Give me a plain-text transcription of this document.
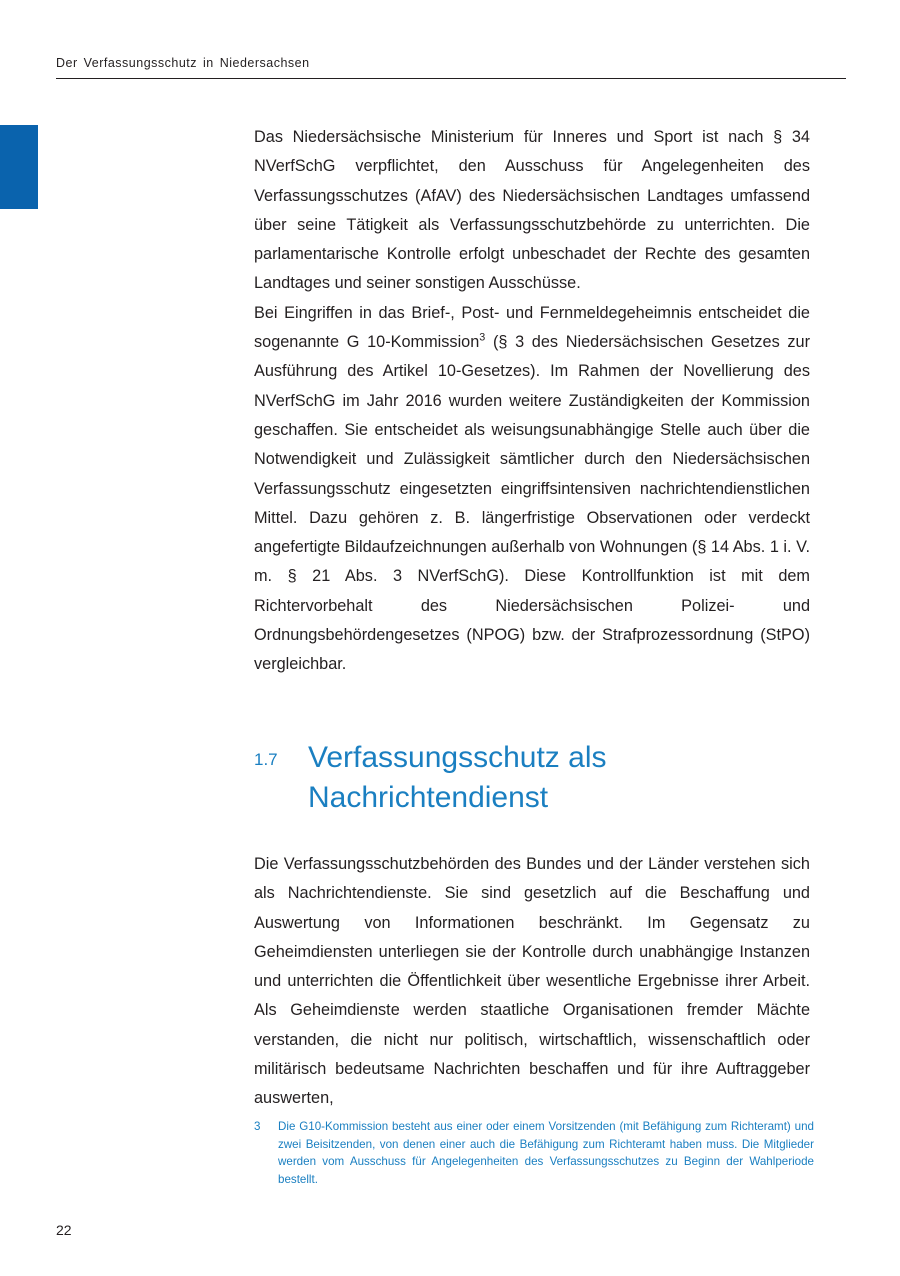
Der Verfassungsschutz in Niedersachsen

Das Niedersächsische Ministerium für Inneres und Sport ist nach § 34 NVerfSchG verpflichtet, den Ausschuss für Angelegenheiten des Verfassungsschutzes (AfAV) des Niedersächsischen Landtages umfassend über seine Tätigkeit als Verfassungsschutzbehörde zu unterrichten. Die parlamentarische Kontrolle erfolgt unbeschadet der Rechte des gesamten Landtages und seiner sonstigen Ausschüsse.

Bei Eingriffen in das Brief-, Post- und Fernmeldegeheimnis entscheidet die sogenannte G 10-Kommission$^3$ (§ 3 des Niedersächsischen Gesetzes zur Ausführung des Artikel 10-Gesetzes). Im Rahmen der Novellierung des NVerfSchG im Jahr 2016 wurden weitere Zuständigkeiten der Kommission geschaffen. Sie entscheidet als weisungsunabhängige Stelle auch über die Notwendigkeit und Zulässigkeit sämtlicher durch den Niedersächsischen Verfassungsschutz eingesetzten eingriffsintensiven nachrichtendienstlichen Mittel. Dazu gehören z. B. längerfristige Observationen oder verdeckt angefertigte Bildaufzeichnungen außerhalb von Wohnungen (§ 14 Abs. 1 i. V. m. § 21 Abs. 3 NVerfSchG). Diese Kontrollfunktion ist mit dem Richtervorbehalt des Niedersächsischen Polizei- und Ordnungsbehördengesetzes (NPOG) bzw. der Strafprozessordnung (StPO) vergleichbar.

1.7 Verfassungsschutz als Nachrichtendienst

Die Verfassungsschutzbehörden des Bundes und der Länder verstehen sich als Nachrichtendienste. Sie sind gesetzlich auf die Beschaffung und Auswertung von Informationen beschränkt. Im Gegensatz zu Geheimdiensten unterliegen sie der Kontrolle durch unabhängige Instanzen und unterrichten die Öffentlichkeit über wesentliche Ergebnisse ihrer Arbeit. Als Geheimdienste werden staatliche Organisationen fremder Mächte verstanden, die nicht nur politisch, wirtschaftlich, wissenschaftlich oder militärisch bedeutsame Nachrichten beschaffen und für ihre Auftraggeber auswerten,

3 Die G10-Kommission besteht aus einer oder einem Vorsitzenden (mit Befähigung zum Richteramt) und zwei Beisitzenden, von denen einer auch die Befähigung zum Richteramt haben muss. Die Mitglieder werden vom Ausschuss für Angelegenheiten des Verfassungsschutzes zu Beginn der Wahlperiode bestellt.
22
